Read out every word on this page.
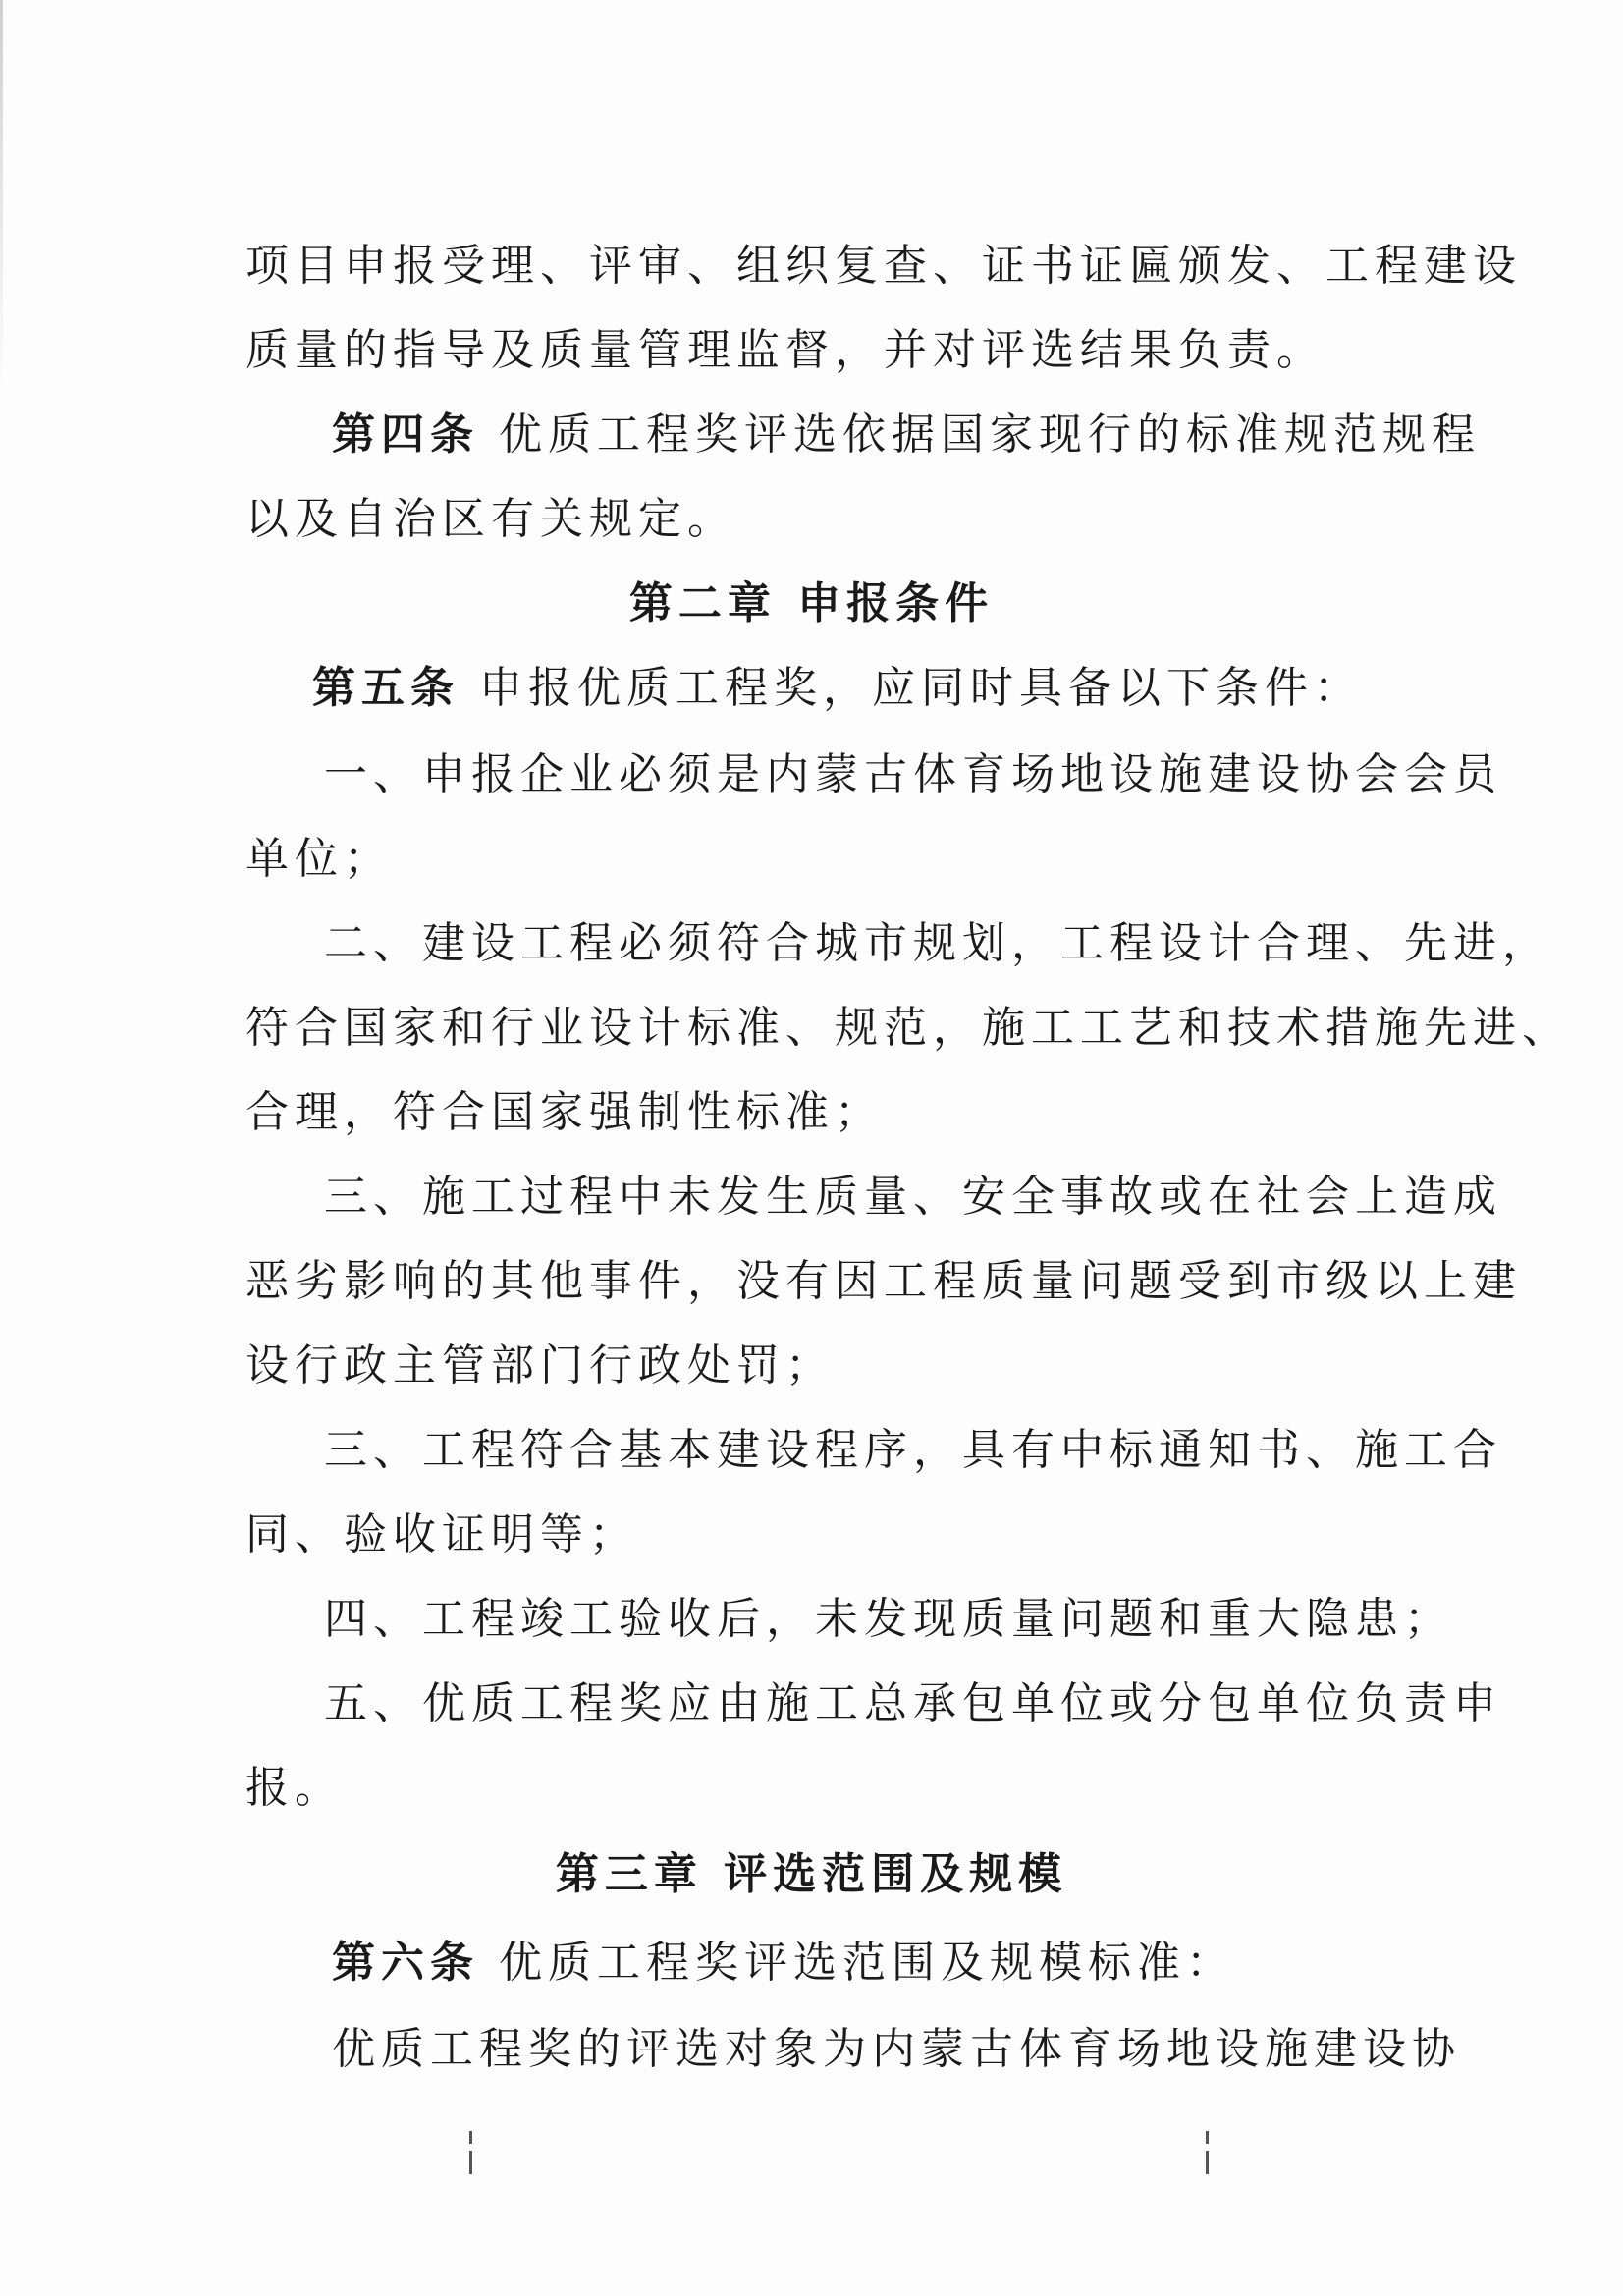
项目申报受理、评审、组织复查、证书证匾颁发、工程建设
质量的指导及质量管理监督，并对评选结果负责。
第四条 优质工程奖评选依据国家现行的标准规范规程
以及自治区有关规定。
第二章 申报条件
第五条 申报优质工程奖，应同时具备以下条件：
一、申报企业必须是内蒙古体育场地设施建设协会会员
单位；
二、建设工程必须符合城市规划，工程设计合理、先进，
符合国家和行业设计标准、规范，施工工艺和技术措施先进、
合理，符合国家强制性标准；
三、施工过程中未发生质量、安全事故或在社会上造成
恶劣影响的其他事件，没有因工程质量问题受到市级以上建
设行政主管部门行政处罚；
三、工程符合基本建设程序，具有中标通知书、施工合
同、验收证明等；
四、工程竣工验收后，未发现质量问题和重大隐患；
五、优质工程奖应由施工总承包单位或分包单位负责申
报。
第三章 评选范围及规模
第六条 优质工程奖评选范围及规模标准：
优质工程奖的评选对象为内蒙古体育场地设施建设协
